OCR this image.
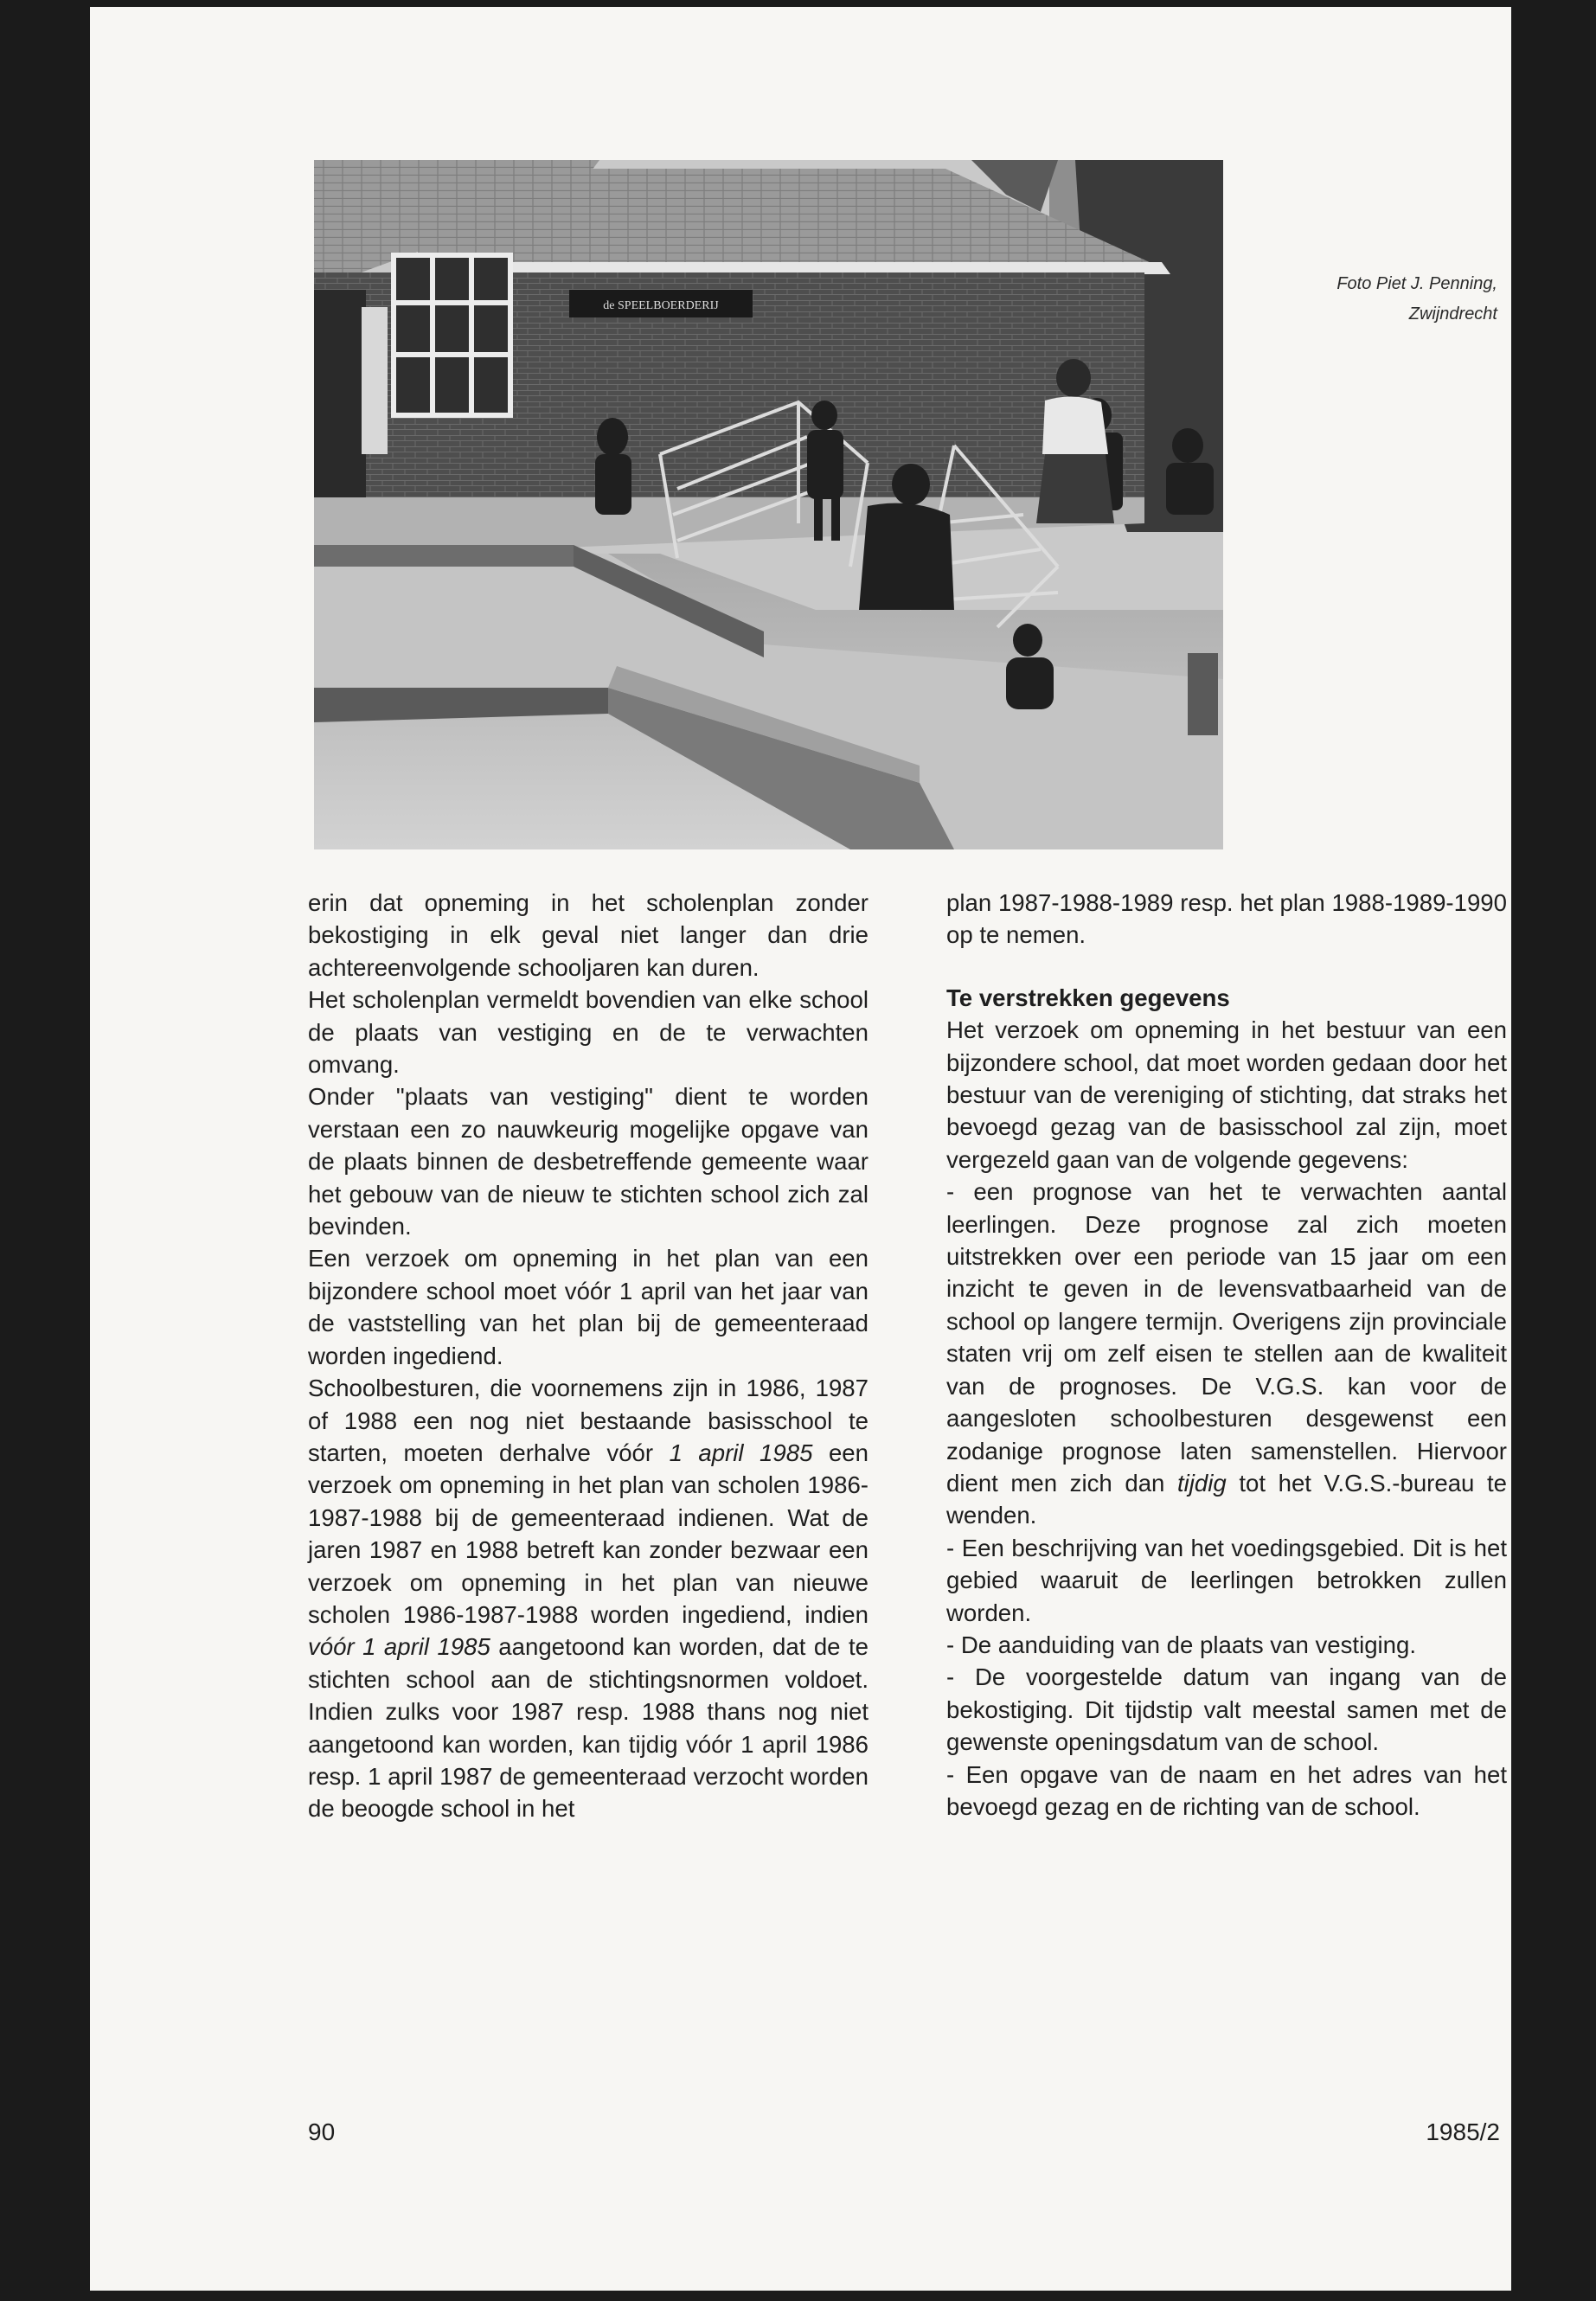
de SPEELBOERDERIJ
Foto Piet J. Penning,
Zwijndrecht

erin dat opneming in het scholenplan zonder bekostiging in elk geval niet langer dan drie achtereenvolgende schooljaren kan duren.

Het scholenplan vermeldt bovendien van elke school de plaats van vestiging en de te verwachten omvang.

Onder "plaats van vestiging" dient te worden verstaan een zo nauwkeurig mogelijke opgave van de plaats binnen de desbetreffende gemeente waar het gebouw van de nieuw te stichten school zich zal bevinden.

Een verzoek om opneming in het plan van een bijzondere school moet vóór 1 april van het jaar van de vaststelling van het plan bij de gemeenteraad worden ingediend.

Schoolbesturen, die voornemens zijn in 1986, 1987 of 1988 een nog niet bestaande basisschool te starten, moeten derhalve vóór 1 april 1985 een verzoek om opneming in het plan van scholen 1986-1987-1988 bij de gemeenteraad indienen. Wat de jaren 1987 en 1988 betreft kan zonder bezwaar een verzoek om opneming in het plan van nieuwe scholen 1986-1987-1988 worden ingediend, indien vóór 1 april 1985 aangetoond kan worden, dat de te stichten school aan de stichtingsnormen voldoet. Indien zulks voor 1987 resp. 1988 thans nog niet aangetoond kan worden, kan tijdig vóór 1 april 1986 resp. 1 april 1987 de gemeenteraad verzocht worden de beoogde school in het

plan 1987-1988-1989 resp. het plan 1988-1989-1990 op te nemen.

Te verstrekken gegevens

Het verzoek om opneming in het bestuur van een bijzondere school, dat moet worden gedaan door het bestuur van de vereniging of stichting, dat straks het bevoegd gezag van de basisschool zal zijn, moet vergezeld gaan van de volgende gegevens:

- een prognose van het te verwachten aantal leerlingen. Deze prognose zal zich moeten uitstrekken over een periode van 15 jaar om een inzicht te geven in de levensvatbaarheid van de school op langere termijn. Overigens zijn provinciale staten vrij om zelf eisen te stellen aan de kwaliteit van de prognoses. De V.G.S. kan voor de aangesloten schoolbesturen desgewenst een zodanige prognose laten samenstellen. Hiervoor dient men zich dan tijdig tot het V.G.S.-bureau te wenden.

- Een beschrijving van het voedingsgebied. Dit is het gebied waaruit de leerlingen betrokken zullen worden.

- De aanduiding van de plaats van vestiging.

- De voorgestelde datum van ingang van de bekostiging. Dit tijdstip valt meestal samen met de gewenste openingsdatum van de school.

- Een opgave van de naam en het adres van het bevoegd gezag en de richting van de school.

90	1985/2
